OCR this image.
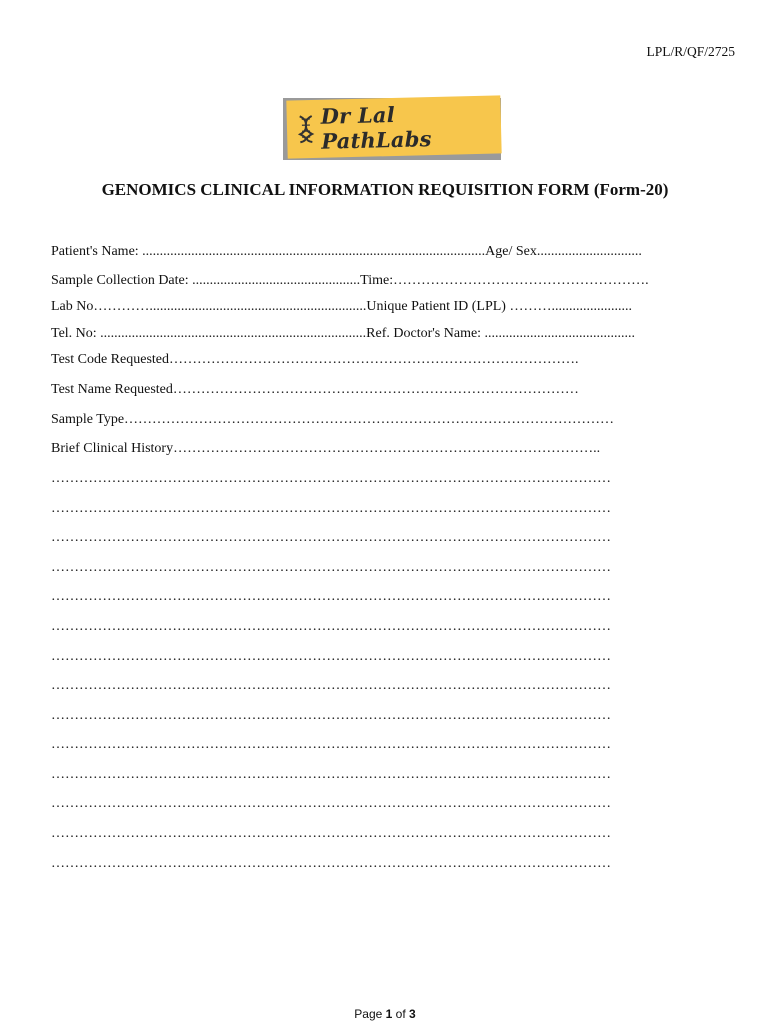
LPL/R/QF/2725
Dr Lal PathLabs
GENOMICS CLINICAL INFORMATION REQUISITION FORM (Form-20)
Patient's Name: ..................................................................................................Age/ Sex..............................
Sample Collection Date: ................................................Time:……………………………………………….
Lab No…………..............................................................Unique Patient ID (LPL) ……….......................
Tel. No: ............................................................................Ref. Doctor's Name: ...........................................
Test Code Requested…………………………………………………………………………….
Test Name Requested……………………………………………………………………………
Sample Type……………………………………………………………………………………………
Brief Clinical History………………………………………………………………………………..
…………………………………………………………………………………………………………
…………………………………………………………………………………………………………
…………………………………………………………………………………………………………
…………………………………………………………………………………………………………
…………………………………………………………………………………………………………
…………………………………………………………………………………………………………
…………………………………………………………………………………………………………
…………………………………………………………………………………………………………
…………………………………………………………………………………………………………
…………………………………………………………………………………………………………
…………………………………………………………………………………………………………
…………………………………………………………………………………………………………
…………………………………………………………………………………………………………
…………………………………………………………………………………………………………
Page 1 of 3
